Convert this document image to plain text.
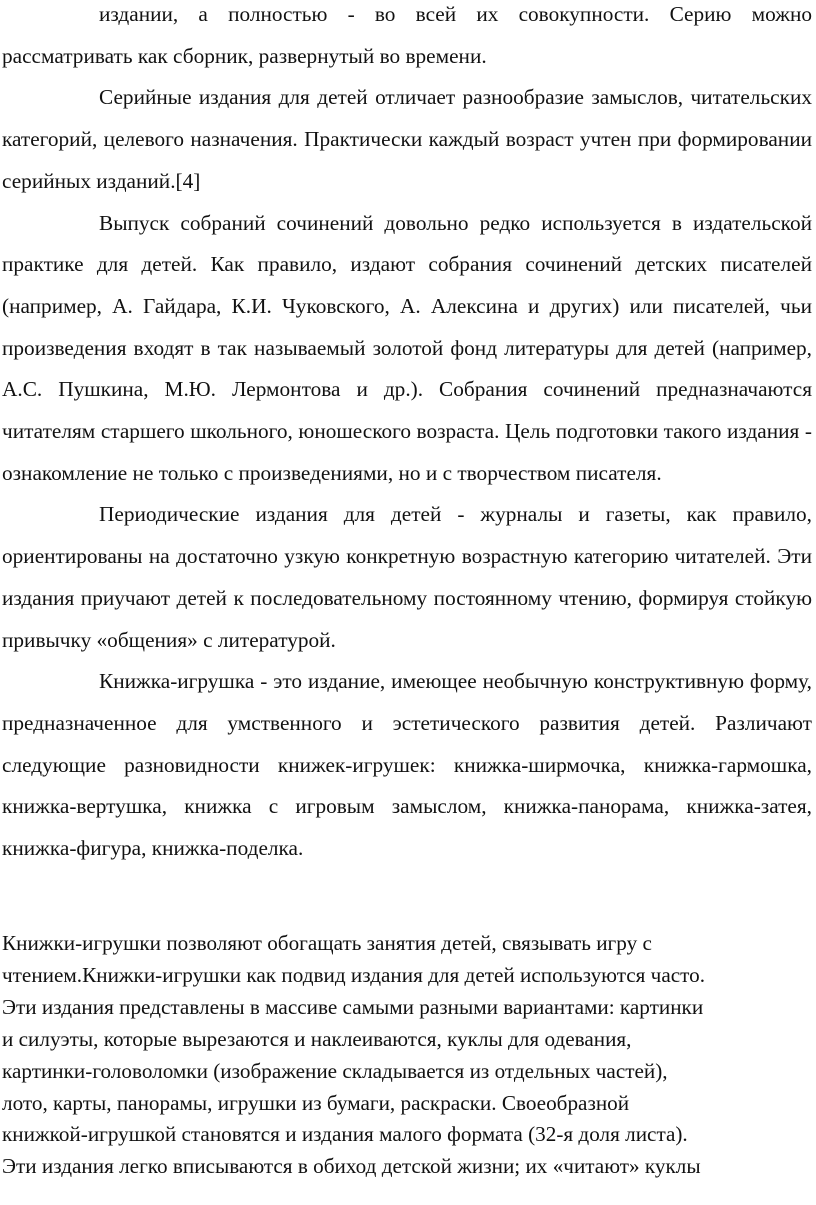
издании, а полностью - во всей их совокупности. Серию можно рассматривать как сборник, развернутый во времени.

Серийные издания для детей отличает разнообразие замыслов, читательских категорий, целевого назначения. Практически каждый возраст учтен при формировании серийных изданий.[4]

Выпуск собраний сочинений довольно редко используется в издательской практике для детей. Как правило, издают собрания сочинений детских писателей (например, А. Гайдара, К.И. Чуковского, А. Алексина и других) или писателей, чьи произведения входят в так называемый золотой фонд литературы для детей (например, А.С. Пушкина, М.Ю. Лермонтова и др.). Собрания сочинений предназначаются читателям старшего школьного, юношеского возраста. Цель подготовки такого издания - ознакомление не только с произведениями, но и с творчеством писателя.

Периодические издания для детей - журналы и газеты, как правило, ориентированы на достаточно узкую конкретную возрастную категорию читателей. Эти издания приучают детей к последовательному постоянному чтению, формируя стойкую привычку «общения» с литературой.

Книжка-игрушка - это издание, имеющее необычную конструктивную форму, предназначенное для умственного и эстетического развития детей. Различают следующие разновидности книжек-игрушек: книжка-ширмочка, книжка-гармошка, книжка-вертушка, книжка с игровым замыслом, книжка-панорама, книжка-затея, книжка-фигура, книжка-поделка.

Книжки-игрушки позволяют обогащать занятия детей, связывать игру с
чтением.Книжки-игрушки как подвид издания для детей используются часто.
Эти издания представлены в массиве самыми разными вариантами: картинки
и силуэты, которые вырезаются и наклеиваются, куклы для одевания,
картинки-головоломки (изображение складывается из отдельных частей),
лото, карты, панорамы, игрушки из бумаги, раскраски. Своеобразной
книжкой-игрушкой становятся и издания малого формата (32-я доля листа).
Эти издания легко вписываются в обиход детской жизни; их «читают» куклы
